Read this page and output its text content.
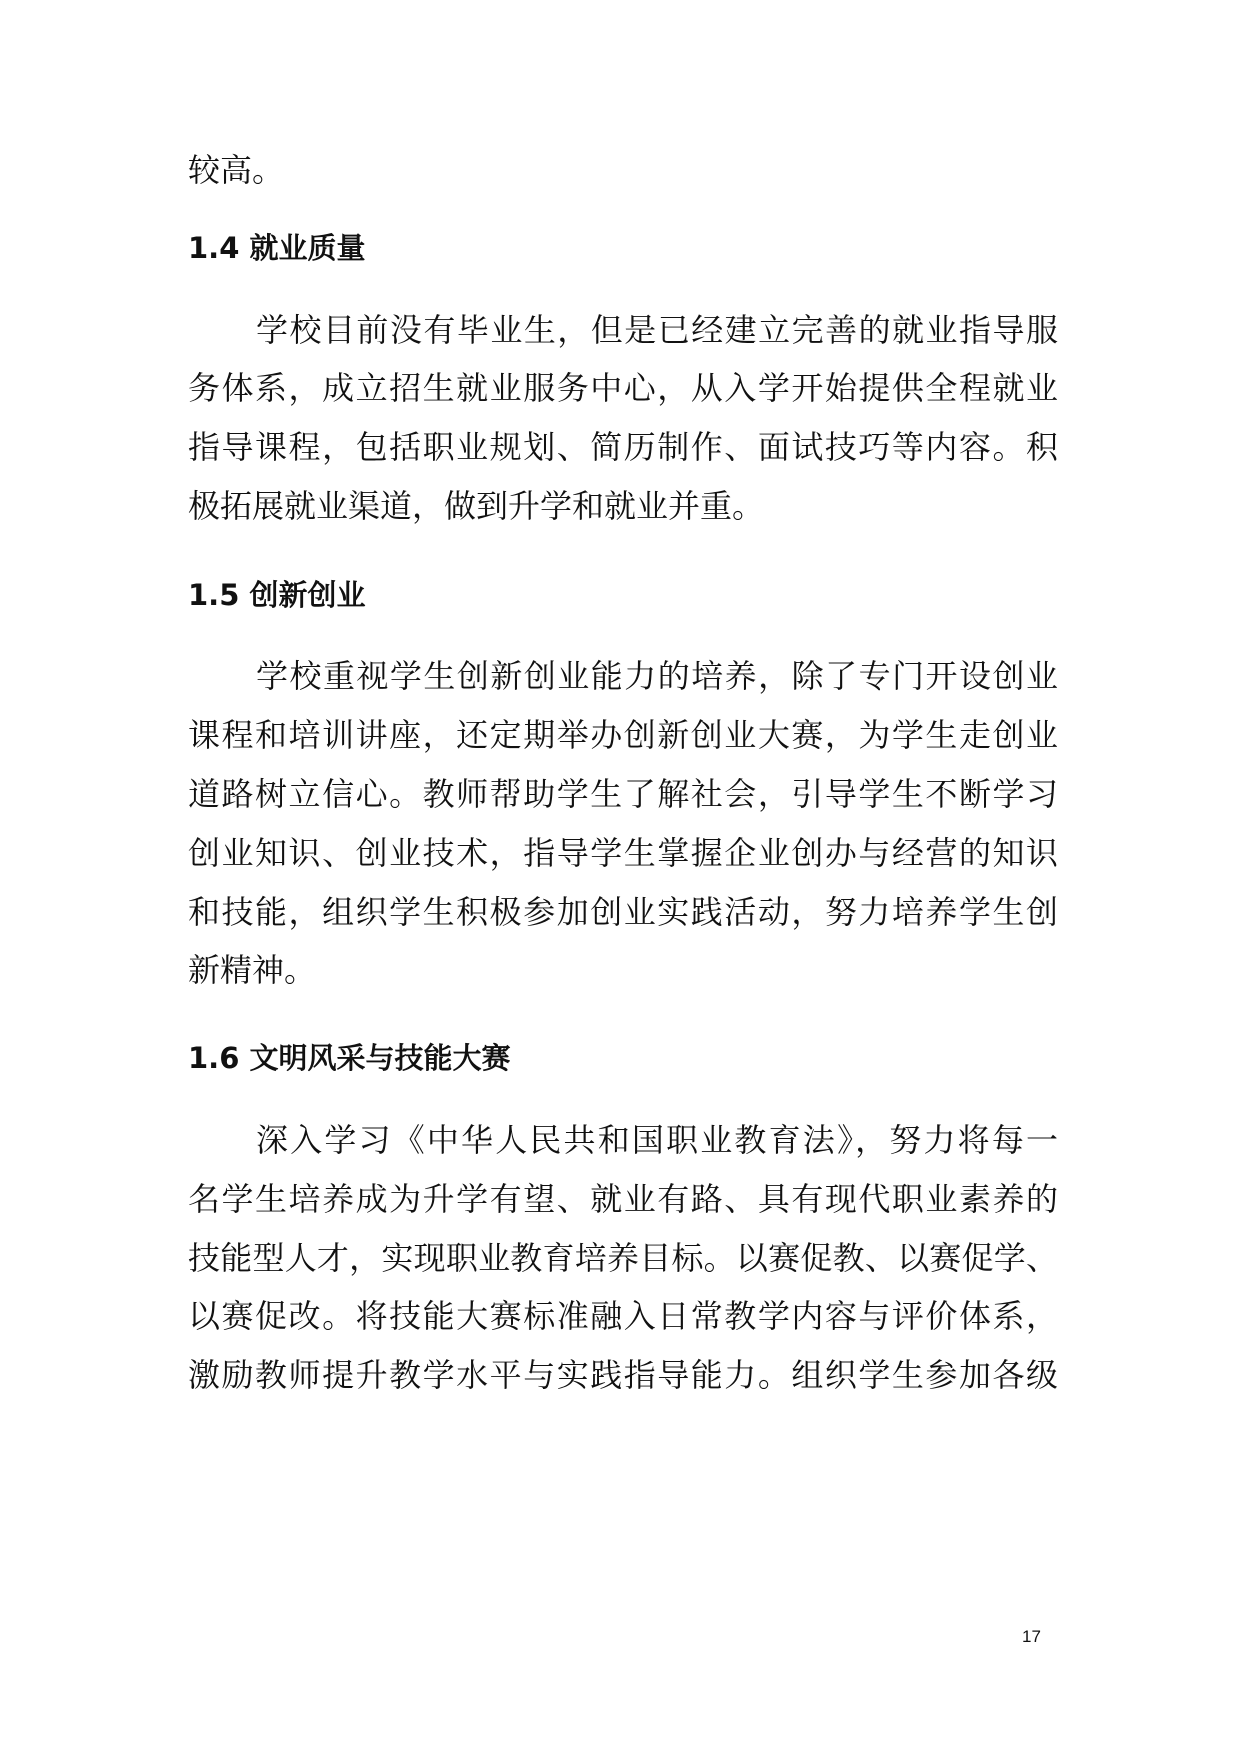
较高。
1.4 就业质量
学校目前没有毕业生，但是已经建立完善的就业指导服
务体系，成立招生就业服务中心，从入学开始提供全程就业
指导课程，包括职业规划、简历制作、面试技巧等内容。积
极拓展就业渠道，做到升学和就业并重。
1.5 创新创业
学校重视学生创新创业能力的培养，除了专门开设创业
课程和培训讲座，还定期举办创新创业大赛，为学生走创业
道路树立信心。教师帮助学生了解社会，引导学生不断学习
创业知识、创业技术，指导学生掌握企业创办与经营的知识
和技能，组织学生积极参加创业实践活动，努力培养学生创
新精神。
1.6 文明风采与技能大赛
深入学习《中华人民共和国职业教育法》，努力将每一
名学生培养成为升学有望、就业有路、具有现代职业素养的
技能型人才，实现职业教育培养目标。以赛促教、以赛促学、
以赛促改。将技能大赛标准融入日常教学内容与评价体系，
激励教师提升教学水平与实践指导能力。组织学生参加各级
17
